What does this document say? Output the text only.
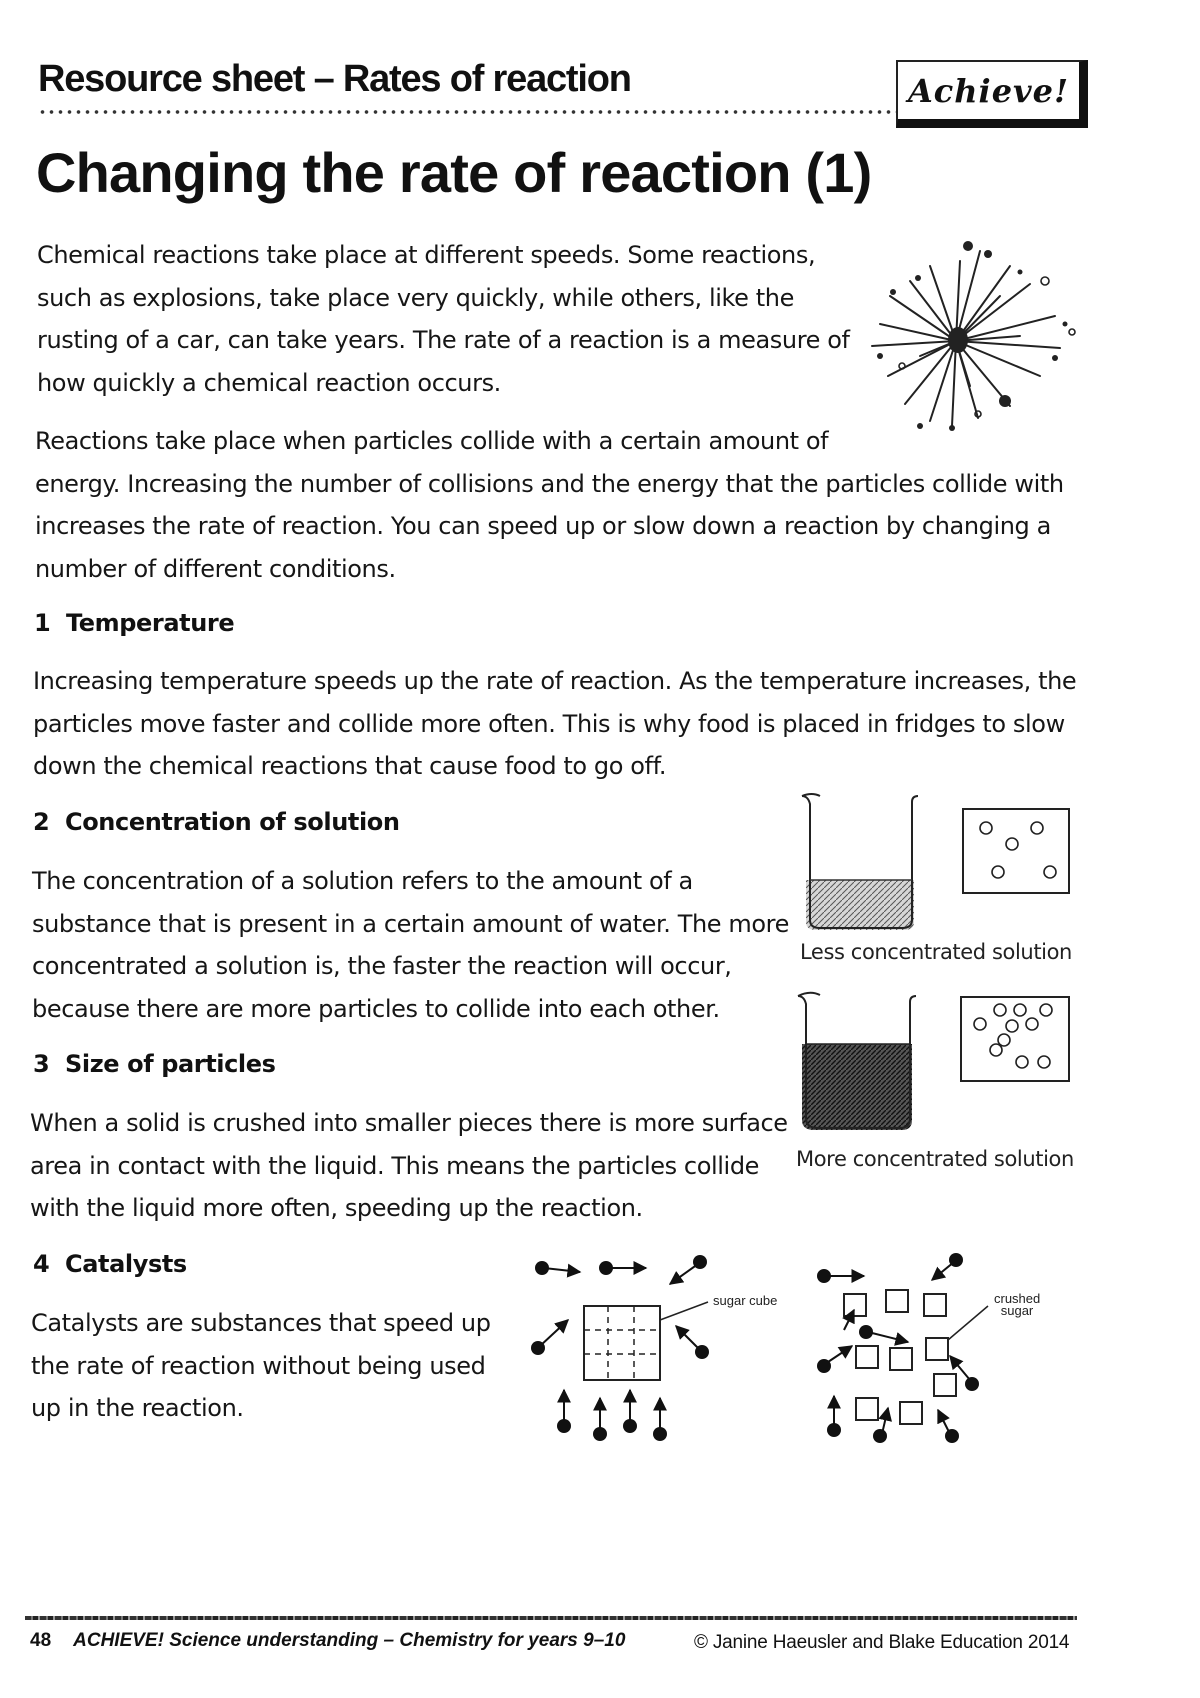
Resource sheet – Rates of reaction	Achieve!
Changing the rate of reaction (1)
Chemical reactions take place at different speeds. Some reactions,
such as explosions, take place very quickly, while others, like the
rusting of a car, can take years. The rate of a reaction is a measure of
how quickly a chemical reaction occurs.
Reactions take place when particles collide with a certain amount of
energy. Increasing the number of collisions and the energy that the particles collide with
increases the rate of reaction. You can speed up or slow down a reaction by changing a
number of different conditions.
1 Temperature
Increasing temperature speeds up the rate of reaction. As the temperature increases, the
particles move faster and collide more often. This is why food is placed in fridges to slow
down the chemical reactions that cause food to go off.
2 Concentration of solution
The concentration of a solution refers to the amount of a
substance that is present in a certain amount of water. The more
concentrated a solution is, the faster the reaction will occur,
because there are more particles to collide into each other.
Less concentrated solution
3 Size of particles
More concentrated solution
When a solid is crushed into smaller pieces there is more surface
area in contact with the liquid. This means the particles collide
with the liquid more often, speeding up the reaction.
4 Catalysts
Catalysts are substances that speed up
the rate of reaction without being used
up in the reaction.
sugar cube	crushed
sugar
48 ACHIEVE! Science understanding – Chemistry for years 9–10	© Janine Haeusler and Blake Education 2014
